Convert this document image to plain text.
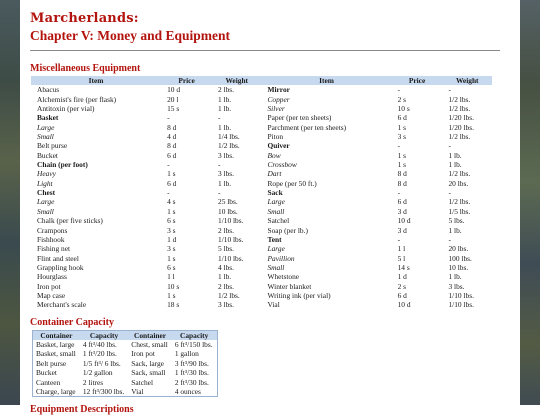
Marcherlands:
Chapter V: Money and Equipment
Miscellaneous Equipment
Item	Price	Weight	Item	Price	Weight
Abacus	10 d	2 lbs.	Mirror	-	-
Alchemist's fire (per flask)	20 l	1 lb.	Copper	2 s	1/2 lbs.
Antitoxin (per vial)	15 s	1 lb.	Silver	10 s	1/2 lbs.
Basket	-	-	Paper (per ten sheets)	6 d	1/20 lbs.
Large	8 d	1 lb.	Parchment (per ten sheets)	1 s	1/20 lbs.
Small	4 d	1/4 lbs.	Piton	3 s	1/2 lbs.
Belt purse	8 d	1/2 lbs.	Quiver	-	-
Bucket	6 d	3 lbs.	Bow	1 s	1 lb.
Chain (per foot)	-	-	Crossbow	1 s	1 lb.
Heavy	1 s	3 lbs.	Dart	8 d	1/2 lbs.
Light	6 d	1 lb.	Rope (per 50 ft.)	8 d	20 lbs.
Chest	-	-	Sack	-	-
Large	4 s	25 lbs.	Large	6 d	1/2 lbs.
Small	1 s	10 lbs.	Small	3 d	1/5 lbs.
Chalk (per five sticks)	6 s	1/10 lbs.	Satchel	10 d	5 lbs.
Crampons	3 s	2 lbs.	Soap (per lb.)	3 d	1 lb.
Fishhook	1 d	1/10 lbs.	Tent	-	-
Fishing net	3 s	5 lbs.	Large	1 l	20 lbs.
Flint and steel	1 s	1/10 lbs.	Pavillion	5 l	100 lbs.
Grappling hook	6 s	4 lbs.	Small	14 s	10 lbs.
Hourglass	1 l	1 lb.	Whetstone	1 d	1 lb.
Iron pot	10 s	2 lbs.	Winter blanket	2 s	3 lbs.
Map case	1 s	1/2 lbs.	Writing ink (per vial)	6 d	1/10 lbs.
Merchant's scale	18 s	3 lbs.	Vial	10 d	1/10 lbs.
Container Capacity
Container	Capacity	Container	Capacity
Basket, large	4 ft³/40 lbs.	Chest, small	6 ft³/150 lbs.
Basket, small	1 ft³/20 lbs.	Iron pot	1 gallon
Belt purse	1/5 ft³/ 6 lbs.	Sack, large	3 ft³/90 lbs.
Bucket	1/2 gallon	Sack, small	1 ft³/30 lbs.
Canteen	2 litres	Satchel	2 ft³/30 lbs.
Charge, large	12 ft³/300 lbs.	Vial	4 ounces
Equipment Descriptions
